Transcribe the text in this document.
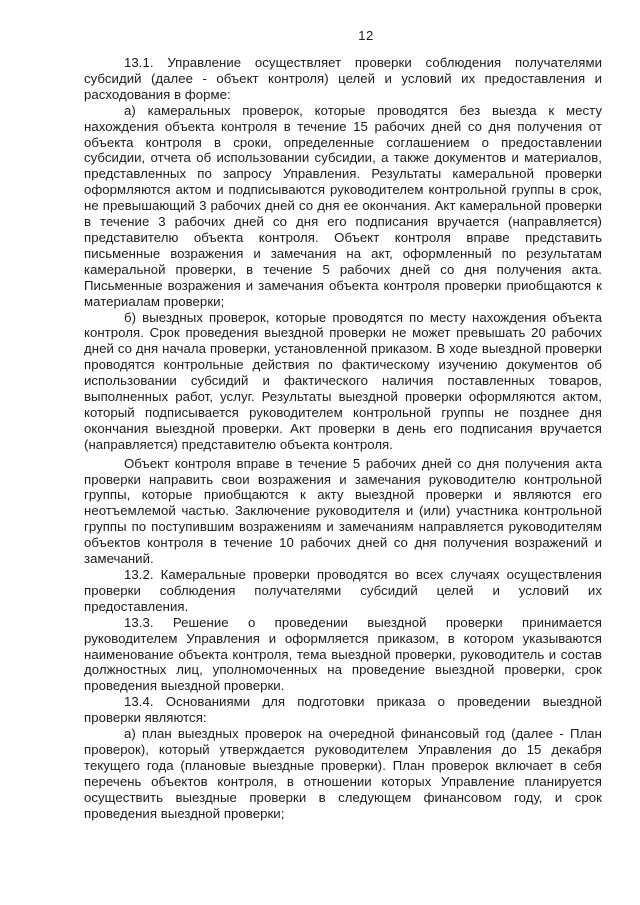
12

13.1. Управление осуществляет проверки соблюдения получателями субсидий (далее - объект контроля) целей и условий их предоставления и расходования в форме:

а) камеральных проверок, которые проводятся без выезда к месту нахождения объекта контроля в течение 15 рабочих дней со дня получения от объекта контроля в сроки, определенные соглашением о предоставлении субсидии, отчета об использовании субсидии, а также документов и материалов, представленных по запросу Управления. Результаты камеральной проверки оформляются актом и подписываются руководителем контрольной группы в срок, не превышающий 3 рабочих дней со дня ее окончания. Акт камеральной проверки в течение 3 рабочих дней со дня его подписания вручается (направляется) представителю объекта контроля. Объект контроля вправе представить письменные возражения и замечания на акт, оформленный по результатам камеральной проверки, в течение 5 рабочих дней со дня получения акта. Письменные возражения и замечания объекта контроля проверки приобщаются к материалам проверки;

б) выездных проверок, которые проводятся по месту нахождения объекта контроля. Срок проведения выездной проверки не может превышать 20 рабочих дней со дня начала проверки, установленной приказом. В ходе выездной проверки проводятся контрольные действия по фактическому изучению документов об использовании субсидий и фактического наличия поставленных товаров, выполненных работ, услуг. Результаты выездной проверки оформляются актом, который подписывается руководителем контрольной группы не позднее дня окончания выездной проверки. Акт проверки в день его подписания вручается (направляется) представителю объекта контроля.

Объект контроля вправе в течение 5 рабочих дней со дня получения акта проверки направить свои возражения и замечания руководителю контрольной группы, которые приобщаются к акту выездной проверки и являются его неотъемлемой частью. Заключение руководителя и (или) участника контрольной группы по поступившим возражениям и замечаниям направляется руководителям объектов контроля в течение 10 рабочих дней со дня получения возражений и замечаний.

13.2. Камеральные проверки проводятся во всех случаях осуществления проверки соблюдения получателями субсидий целей и условий их предоставления.

13.3. Решение о проведении выездной проверки принимается руководителем Управления и оформляется приказом, в котором указываются наименование объекта контроля, тема выездной проверки, руководитель и состав должностных лиц, уполномоченных на проведение выездной проверки, срок проведения выездной проверки.

13.4. Основаниями для подготовки приказа о проведении выездной проверки являются:

а) план выездных проверок на очередной финансовый год (далее - План проверок), который утверждается руководителем Управления до 15 декабря текущего года (плановые выездные проверки). План проверок включает в себя перечень объектов контроля, в отношении которых Управление планируется осуществить выездные проверки в следующем финансовом году, и срок проведения выездной проверки;
